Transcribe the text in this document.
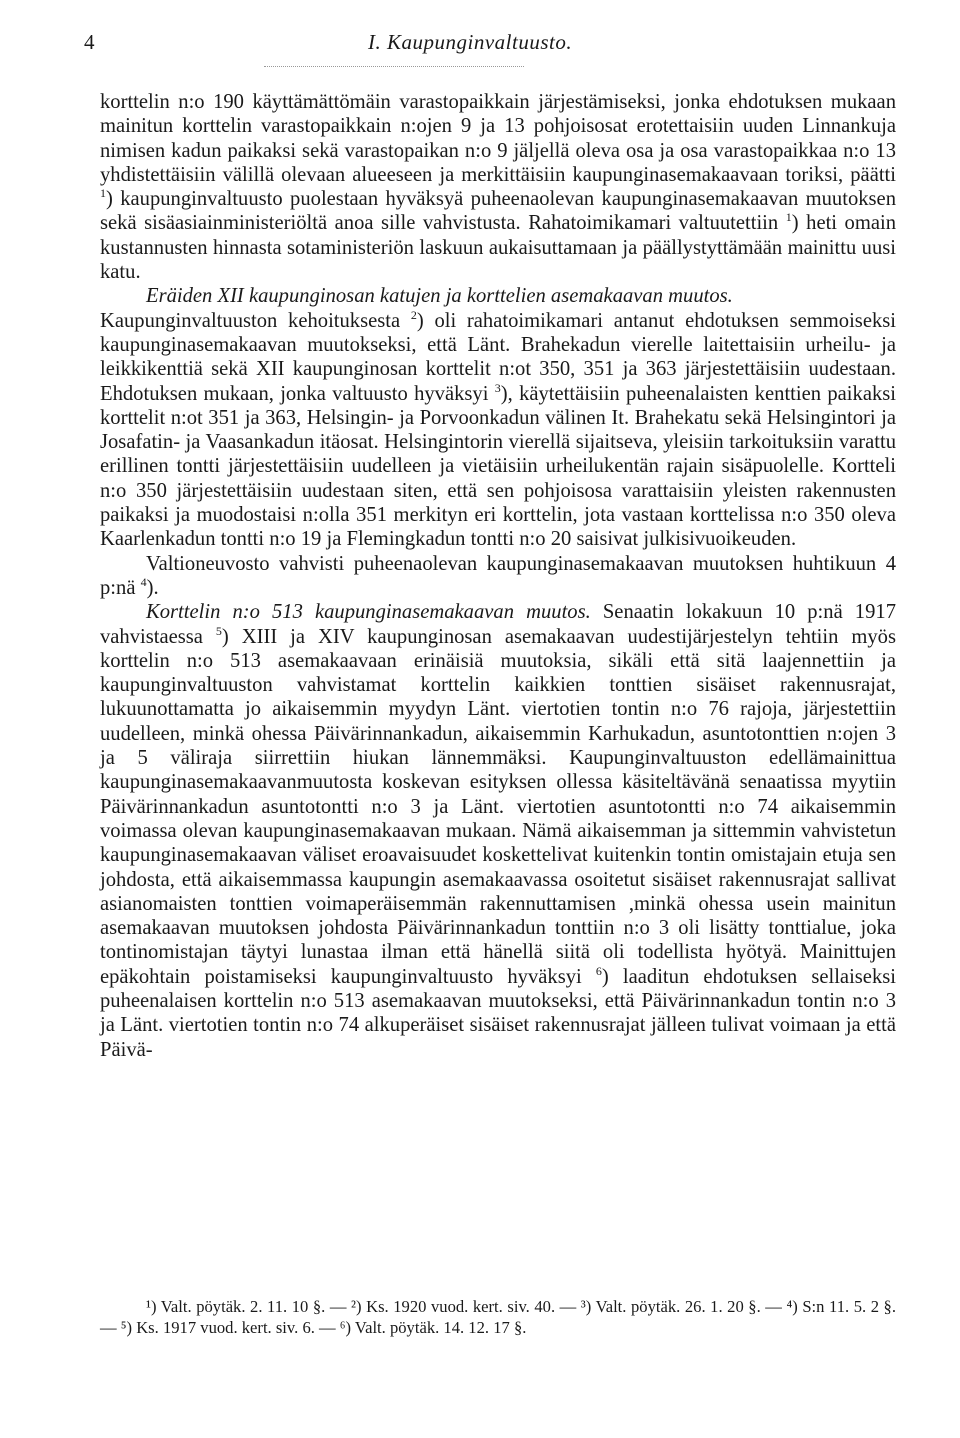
4	I. Kaupunginvaltuusto.

korttelin n:o 190 käyttämättömäin varastopaikkain järjestämiseksi, jonka ehdotuksen mukaan mainitun korttelin varastopaikkain n:ojen 9 ja 13 pohjoisosat erotettaisiin uuden Linnankuja nimisen kadun paikaksi sekä varastopaikan n:o 9 jäljellä oleva osa ja osa varastopaikkaa n:o 13 yhdistettäisiin välillä olevaan alueeseen ja merkittäisiin kaupunginasemakaavaan toriksi, päätti $^1$) kaupunginvaltuusto puolestaan hyväksyä puheenaolevan kaupunginasemakaavan muutoksen sekä sisäasiainministeriöltä anoa sille vahvistusta. Rahatoimikamari valtuutettiin $^1$) heti omain kustannusten hinnasta sotaministeriön laskuun aukaisuttamaan ja päällystyttämään mainittu uusi katu.

Eräiden XII kaupunginosan katujen ja korttelien asemakaavan muutos.

Kaupunginvaltuuston kehoituksesta $^2$) oli rahatoimikamari antanut ehdotuksen semmoiseksi kaupunginasemakaavan muutokseksi, että Länt. Brahekadun vierelle laitettaisiin urheilu- ja leikkikenttiä sekä XII kaupunginosan korttelit n:ot 350, 351 ja 363 järjestettäisiin uudestaan. Ehdotuksen mukaan, jonka valtuusto hyväksyi $^3$), käytettäisiin puheenalaisten kenttien paikaksi korttelit n:ot 351 ja 363, Helsingin- ja Porvoonkadun välinen It. Brahekatu sekä Helsingintori ja Josafatin- ja Vaasankadun itäosat. Helsingintorin vierellä sijaitseva, yleisiin tarkoituksiin varattu erillinen tontti järjestettäisiin uudelleen ja vietäisiin urheilukentän rajain sisäpuolelle. Kortteli n:o 350 järjestettäisiin uudestaan siten, että sen pohjoisosa varattaisiin yleisten rakennusten paikaksi ja muodostaisi n:olla 351 merkityn eri korttelin, jota vastaan korttelissa n:o 350 oleva Kaarlenkadun tontti n:o 19 ja Flemingkadun tontti n:o 20 saisivat julkisivuoikeuden.

Valtioneuvosto vahvisti puheenaolevan kaupunginasemakaavan muutoksen huhtikuun 4 p:nä $^4$).

Korttelin n:o 513 kaupunginasemakaavan muutos. Senaatin lokakuun 10 p:nä 1917 vahvistaessa $^5$) XIII ja XIV kaupunginosan asemakaavan uudestijärjestelyn tehtiin myös korttelin n:o 513 asemakaavaan erinäisiä muutoksia, sikäli että sitä laajennettiin ja kaupunginvaltuuston vahvistamat korttelin kaikkien tonttien sisäiset rakennusrajat, lukuunottamatta jo aikaisemmin myydyn Länt. viertotien tontin n:o 76 rajoja, järjestettiin uudelleen, minkä ohessa Päivärinnankadun, aikaisemmin Karhukadun, asuntotonttien n:ojen 3 ja 5 väliraja siirrettiin hiukan lännemmäksi. Kaupunginvaltuuston edellämainittua kaupunginasemakaavanmuutosta koskevan esityksen ollessa käsiteltävänä senaatissa myytiin Päivärinnankadun asuntotontti n:o 3 ja Länt. viertotien asuntotontti n:o 74 aikaisemmin voimassa olevan kaupunginasemakaavan mukaan. Nämä aikaisemman ja sittemmin vahvistetun kaupunginasemakaavan väliset eroavaisuudet koskettelivat kuitenkin tontin omistajain etuja sen johdosta, että aikaisemmassa kaupungin asemakaavassa osoitetut sisäiset rakennusrajat sallivat asianomaisten tonttien voimaperäisemmän rakennuttamisen ,minkä ohessa usein mainitun asemakaavan muutoksen johdosta Päivärinnankadun tonttiin n:o 3 oli lisätty tonttialue, joka tontinomistajan täytyi lunastaa ilman että hänellä siitä oli todellista hyötyä. Mainittujen epäkohtain poistamiseksi kaupunginvaltuusto hyväksyi $^6$) laaditun ehdotuksen sellaiseksi puheenalaisen korttelin n:o 513 asemakaavan muutokseksi, että Päivärinnankadun tontin n:o 3 ja Länt. viertotien tontin n:o 74 alkuperäiset sisäiset rakennusrajat jälleen tulivat voimaan ja että Päivä-

¹) Valt. pöytäk. 2. 11. 10 §. — ²) Ks. 1920 vuod. kert. siv. 40. — ³) Valt. pöytäk. 26. 1. 20 §. — ⁴) S:n 11. 5. 2 §. — ⁵) Ks. 1917 vuod. kert. siv. 6. — ⁶) Valt. pöytäk. 14. 12. 17 §.
